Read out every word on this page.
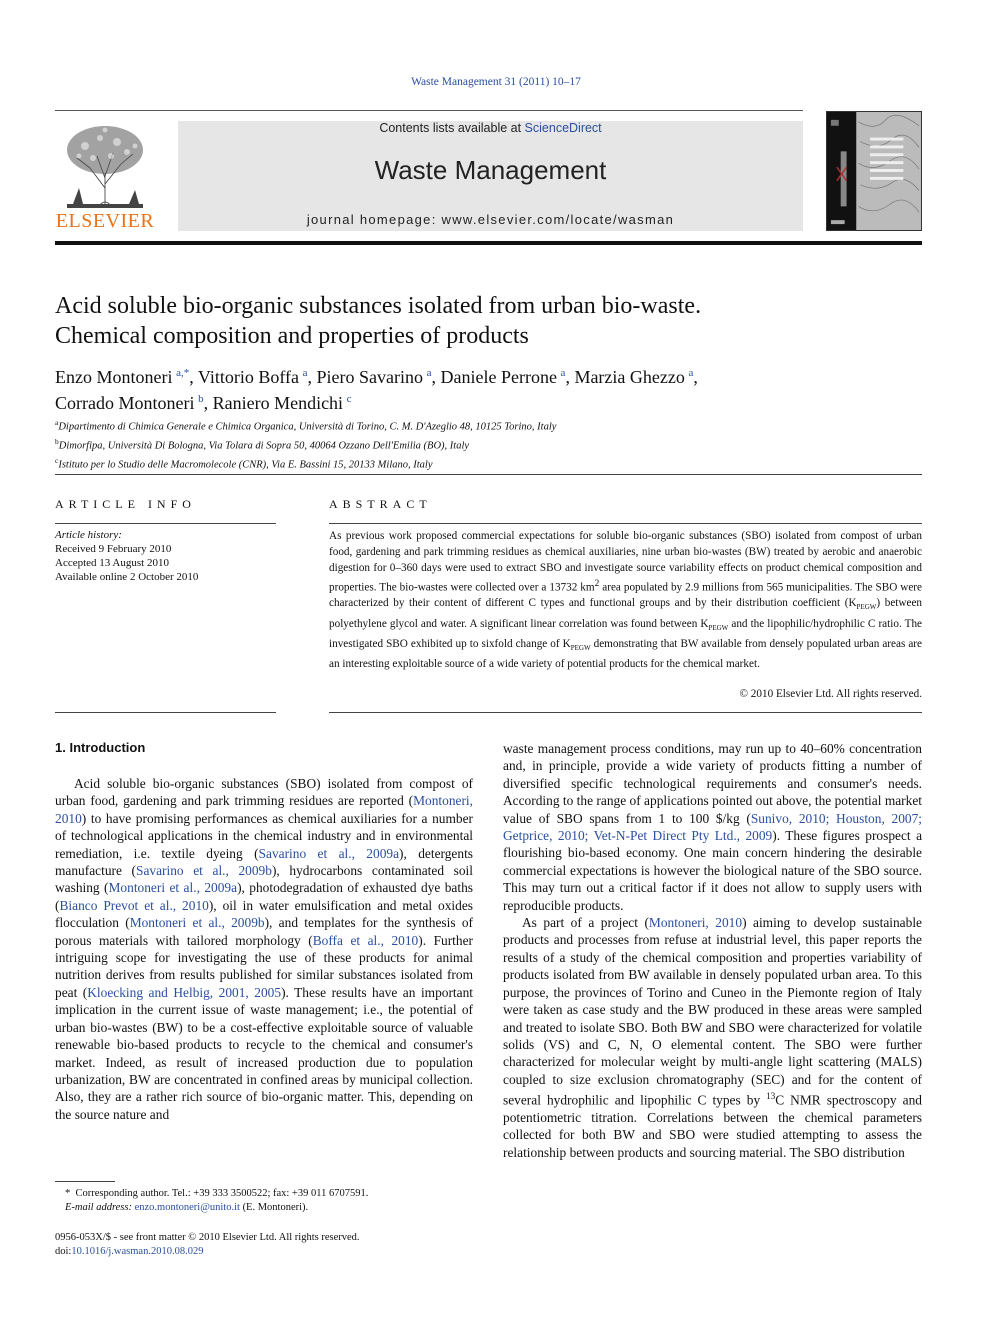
Waste Management 31 (2011) 10–17
ELSEVIER
Contents lists available at ScienceDirect
Waste Management
journal homepage: www.elsevier.com/locate/wasman
Acid soluble bio-organic substances isolated from urban bio-waste.
Chemical composition and properties of products
Enzo Montoneri  $^{a,*}$, Vittorio Boffa  $^a$, Piero Savarino  $^a$, Daniele Perrone  $^a$, Marzia Ghezzo  $^a$,
Corrado Montoneri  $^b$, Raniero Mendichi  $^c$
$^a$Dipartimento di Chimica Generale e Chimica Organica, Università di Torino, C. M. D'Azeglio 48, 10125 Torino, Italy
$^b$Dimorfipa, Università Di Bologna, Via Tolara di Sopra 50, 40064 Ozzano Dell'Emilia (BO), Italy
$^c$Istituto per lo Studio delle Macromolecole (CNR), Via E. Bassini 15, 20133 Milano, Italy
ARTICLE INFO	ABSTRACT
Article history:
Received 9 February 2010
Accepted 13 August 2010
Available online 2 October 2010
As previous work proposed commercial expectations for soluble bio-organic substances (SBO) isolated from compost of urban food, gardening and park trimming residues as chemical auxiliaries, nine urban bio-wastes (BW) treated by aerobic and anaerobic digestion for 0–360 days were used to extract SBO and investigate source variability effects on product chemical composition and properties. The bio-wastes were collected over a 13732 $km^2$ area populated by 2.9 millions from 565 municipalities. The SBO were characterized by their content of different C types and functional groups and by their distribution coefficient $(K_{PEGW})$ between polyethylene glycol and water. A significant linear correlation was found between $K_{PEGW}$ and the lipophilic/hydrophilic C ratio. The investigated SBO exhibited up to sixfold change of $K_{PEGW}$ demonstrating that BW available from densely populated urban areas are an interesting exploitable source of a wide variety of potential products for the chemical market.
© 2010 Elsevier Ltd. All rights reserved.
1. Introduction

Acid soluble bio-organic substances (SBO) isolated from compost of urban food, gardening and park trimming residues are reported (Montoneri, 2010) to have promising performances as chemical auxiliaries for a number of technological applications in the chemical industry and in environmental remediation, i.e. textile dyeing (Savarino et al., 2009a), detergents manufacture (Savarino et al., 2009b), hydrocarbons contaminated soil washing (Montoneri et al., 2009a), photodegradation of exhausted dye baths (Bianco Prevot et al., 2010), oil in water emulsification and metal oxides flocculation (Montoneri et al., 2009b), and templates for the synthesis of porous materials with tailored morphology (Boffa et al., 2010). Further intriguing scope for investigating the use of these products for animal nutrition derives from results published for similar substances isolated from peat (Kloecking and Helbig, 2001, 2005). These results have an important implication in the current issue of waste management; i.e., the potential of urban bio-wastes (BW) to be a cost-effective exploitable source of valuable renewable bio-based products to recycle to the chemical and consumer's market. Indeed, as result of increased production due to population urbanization, BW are concentrated in confined areas by municipal collection. Also, they are a rather rich source of bio-organic matter. This, depending on the source nature and

waste management process conditions, may run up to 40–60% concentration and, in principle, provide a wide variety of products fitting a number of diversified specific technological requirements and consumer's needs. According to the range of applications pointed out above, the potential market value of SBO spans from 1 to 100 $/kg (Sunivo, 2010; Houston, 2007; Getprice, 2010; Vet-N-Pet Direct Pty Ltd., 2009). These figures prospect a flourishing bio-based economy. One main concern hindering the desirable commercial expectations is however the biological nature of the SBO source. This may turn out a critical factor if it does not allow to supply users with reproducible products.

As part of a project (Montoneri, 2010) aiming to develop sustainable products and processes from refuse at industrial level, this paper reports the results of a study of the chemical composition and properties variability of products isolated from BW available in densely populated urban area. To this purpose, the provinces of Torino and Cuneo in the Piemonte region of Italy were taken as case study and the BW produced in these areas were sampled and treated to isolate SBO. Both BW and SBO were characterized for volatile solids (VS) and C, N, O elemental content. The SBO were further characterized for molecular weight by multi-angle light scattering (MALS) coupled to size exclusion chromatography (SEC) and for the content of several hydrophilic and lipophilic C types by $^{13}$C NMR spectroscopy and potentiometric titration. Correlations between the chemical parameters collected for both BW and SBO were studied attempting to assess the relationship between products and sourcing material. The SBO distribution

* Corresponding author. Tel.: +39 333 3500522; fax: +39 011 6707591.
E-mail address: enzo.montoneri@unito.it (E. Montoneri).
0956-053X/$ - see front matter © 2010 Elsevier Ltd. All rights reserved.
doi:10.1016/j.wasman.2010.08.029
